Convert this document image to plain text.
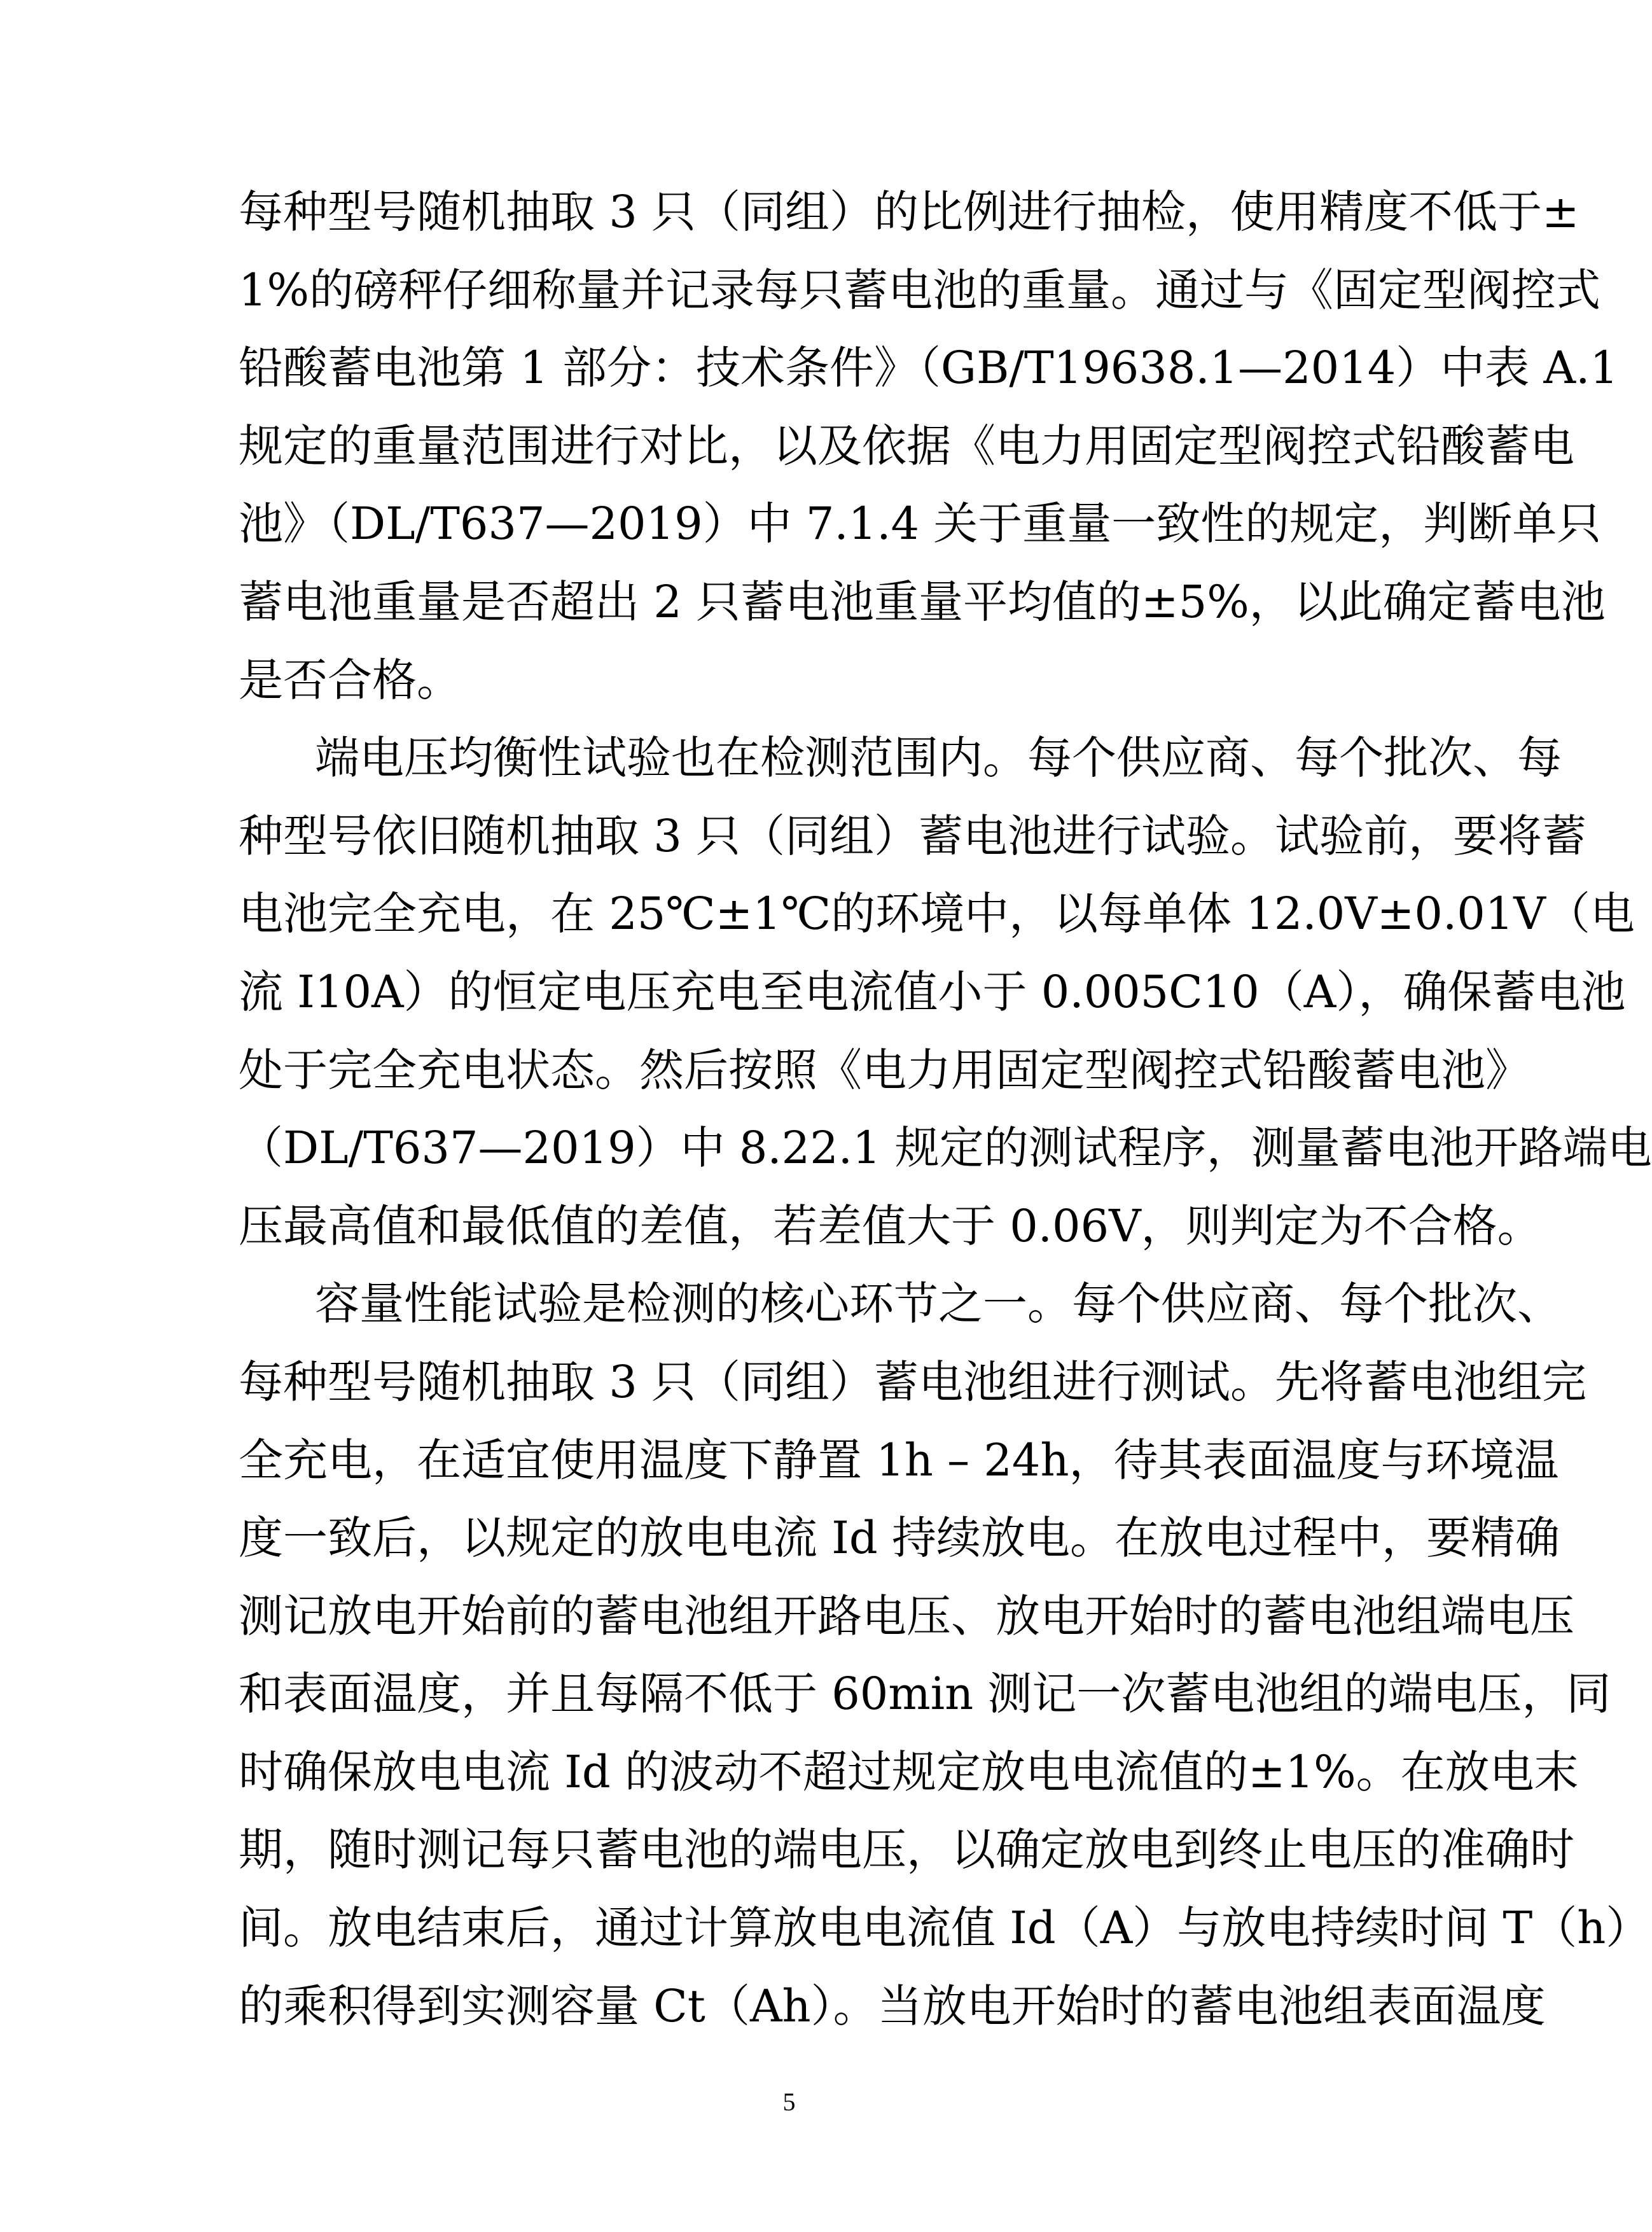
每种型号随机抽取 3 只（同组）的比例进行抽检，使用精度不低于±
1%的磅秤仔细称量并记录每只蓄电池的重量。通过与《固定型阀控式
铅酸蓄电池第 1 部分：技术条件》（GB/T19638.1—2014）中表 A.1
规定的重量范围进行对比，以及依据《电力用固定型阀控式铅酸蓄电
池》（DL/T637—2019）中 7.1.4 关于重量一致性的规定，判断单只
蓄电池重量是否超出 2 只蓄电池重量平均值的±5%，以此确定蓄电池
是否合格。
端电压均衡性试验也在检测范围内。每个供应商、每个批次、每
种型号依旧随机抽取 3 只（同组）蓄电池进行试验。试验前，要将蓄
电池完全充电，在 25℃±1℃的环境中，以每单体 12.0V±0.01V（电
流 I10A）的恒定电压充电至电流值小于 0.005C10（A），确保蓄电池
处于完全充电状态。然后按照《电力用固定型阀控式铅酸蓄电池》
（DL/T637—2019）中 8.22.1 规定的测试程序，测量蓄电池开路端电
压最高值和最低值的差值，若差值大于 0.06V，则判定为不合格。
容量性能试验是检测的核心环节之一。每个供应商、每个批次、
每种型号随机抽取 3 只（同组）蓄电池组进行测试。先将蓄电池组完
全充电，在适宜使用温度下静置 1h – 24h，待其表面温度与环境温
度一致后，以规定的放电电流 Id 持续放电。在放电过程中，要精确
测记放电开始前的蓄电池组开路电压、放电开始时的蓄电池组端电压
和表面温度，并且每隔不低于 60min 测记一次蓄电池组的端电压，同
时确保放电电流 Id 的波动不超过规定放电电流值的±1%。在放电末
期，随时测记每只蓄电池的端电压，以确定放电到终止电压的准确时
间。放电结束后，通过计算放电电流值 Id（A）与放电持续时间 T（h）
的乘积得到实测容量 Ct（Ah）。当放电开始时的蓄电池组表面温度
5
